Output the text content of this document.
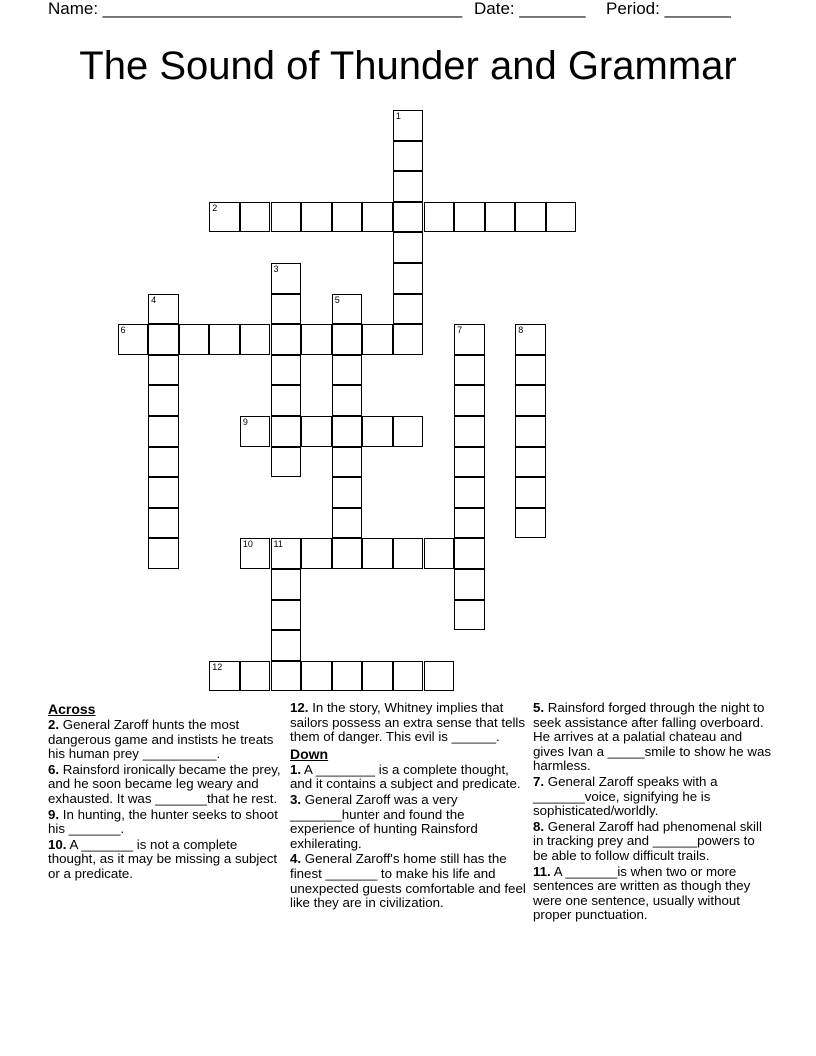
Name: ______________________________________ Date: _______ Period: _______
The Sound of Thunder and Grammar
1
2
3
4	5
6	7	8
9
10 11
12
Across

2. General Zaroff hunts the most dangerous game and instists he treats his human prey __________.

6. Rainsford ironically became the prey, and he soon became leg weary and exhausted. It was _______that he rest.

9. In hunting, the hunter seeks to shoot his _______.

10. A _______ is not a complete thought, as it may be missing a subject or a predicate.

12. In the story, Whitney implies that sailors possess an extra sense that tells them of danger. This evil is ______.

Down

1. A ________ is a complete thought, and it contains a subject and predicate.

3. General Zaroff was a very _______hunter and found the experience of hunting Rainsford exhilerating.

4. General Zaroff's home still has the finest _______ to make his life and unexpected guests comfortable and feel like they are in civilization.

5. Rainsford forged through the night to seek assistance after falling overboard. He arrives at a palatial chateau and gives Ivan a _____smile to show he was harmless.

7. General Zaroff speaks with a _______voice, signifying he is sophisticated/worldly.

8. General Zaroff had phenomenal skill in tracking prey and ______powers to be able to follow difficult trails.

11. A _______is when two or more sentences are written as though they were one sentence, usually without proper punctuation.
